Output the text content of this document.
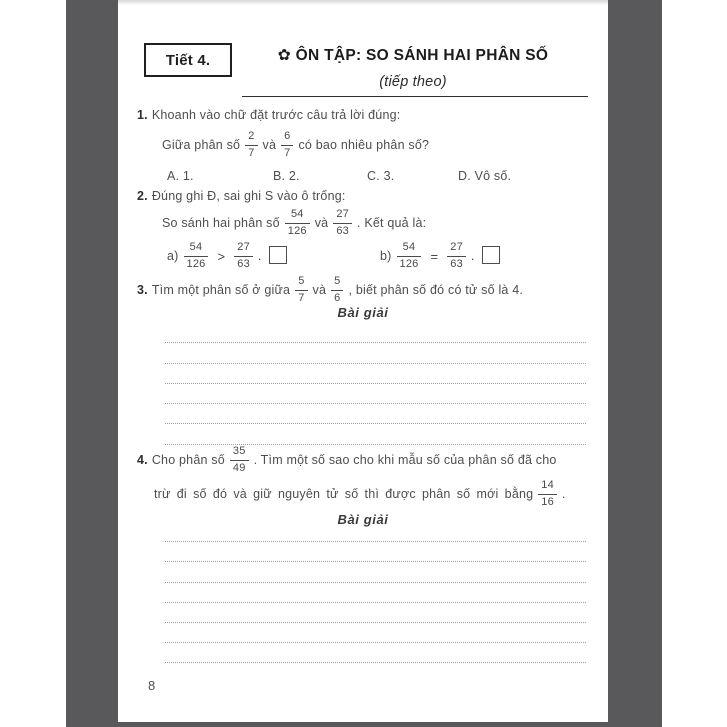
Tiết 4.	✿ ÔN TẬP: SO SÁNH HAI PHÂN SỐ
(tiếp theo)
1. Khoanh vào chữ đặt trước câu trả lời đúng:
Giữa phân số $\frac{2}{7}$ và $\frac{6}{7}$ có bao nhiêu phân số?
A. 1.	B. 2.	C. 3.	D. Vô số.
2. Đúng ghi Đ, sai ghi S vào ô trống:
So sánh hai phân số $\frac{54}{126}$ và $\frac{27}{63}$ . Kết quả là:
$a) \frac{54}{126} > \frac{27}{63}$ .	$b) \frac{54}{126} = \frac{27}{63}$ .
3. Tìm một phân số ở giữa $\frac{5}{7}$ và $\frac{5}{6}$ , biết phân số đó có tử số là 4.
Bài giải
4. Cho phân số $\frac{35}{49}$ . Tìm một số sao cho khi mẫu số của phân số đã cho
trừ đi số đó và giữ nguyên tử số thì được phân số mới bằng $\frac{14}{16}$ .
Bài giải
8
